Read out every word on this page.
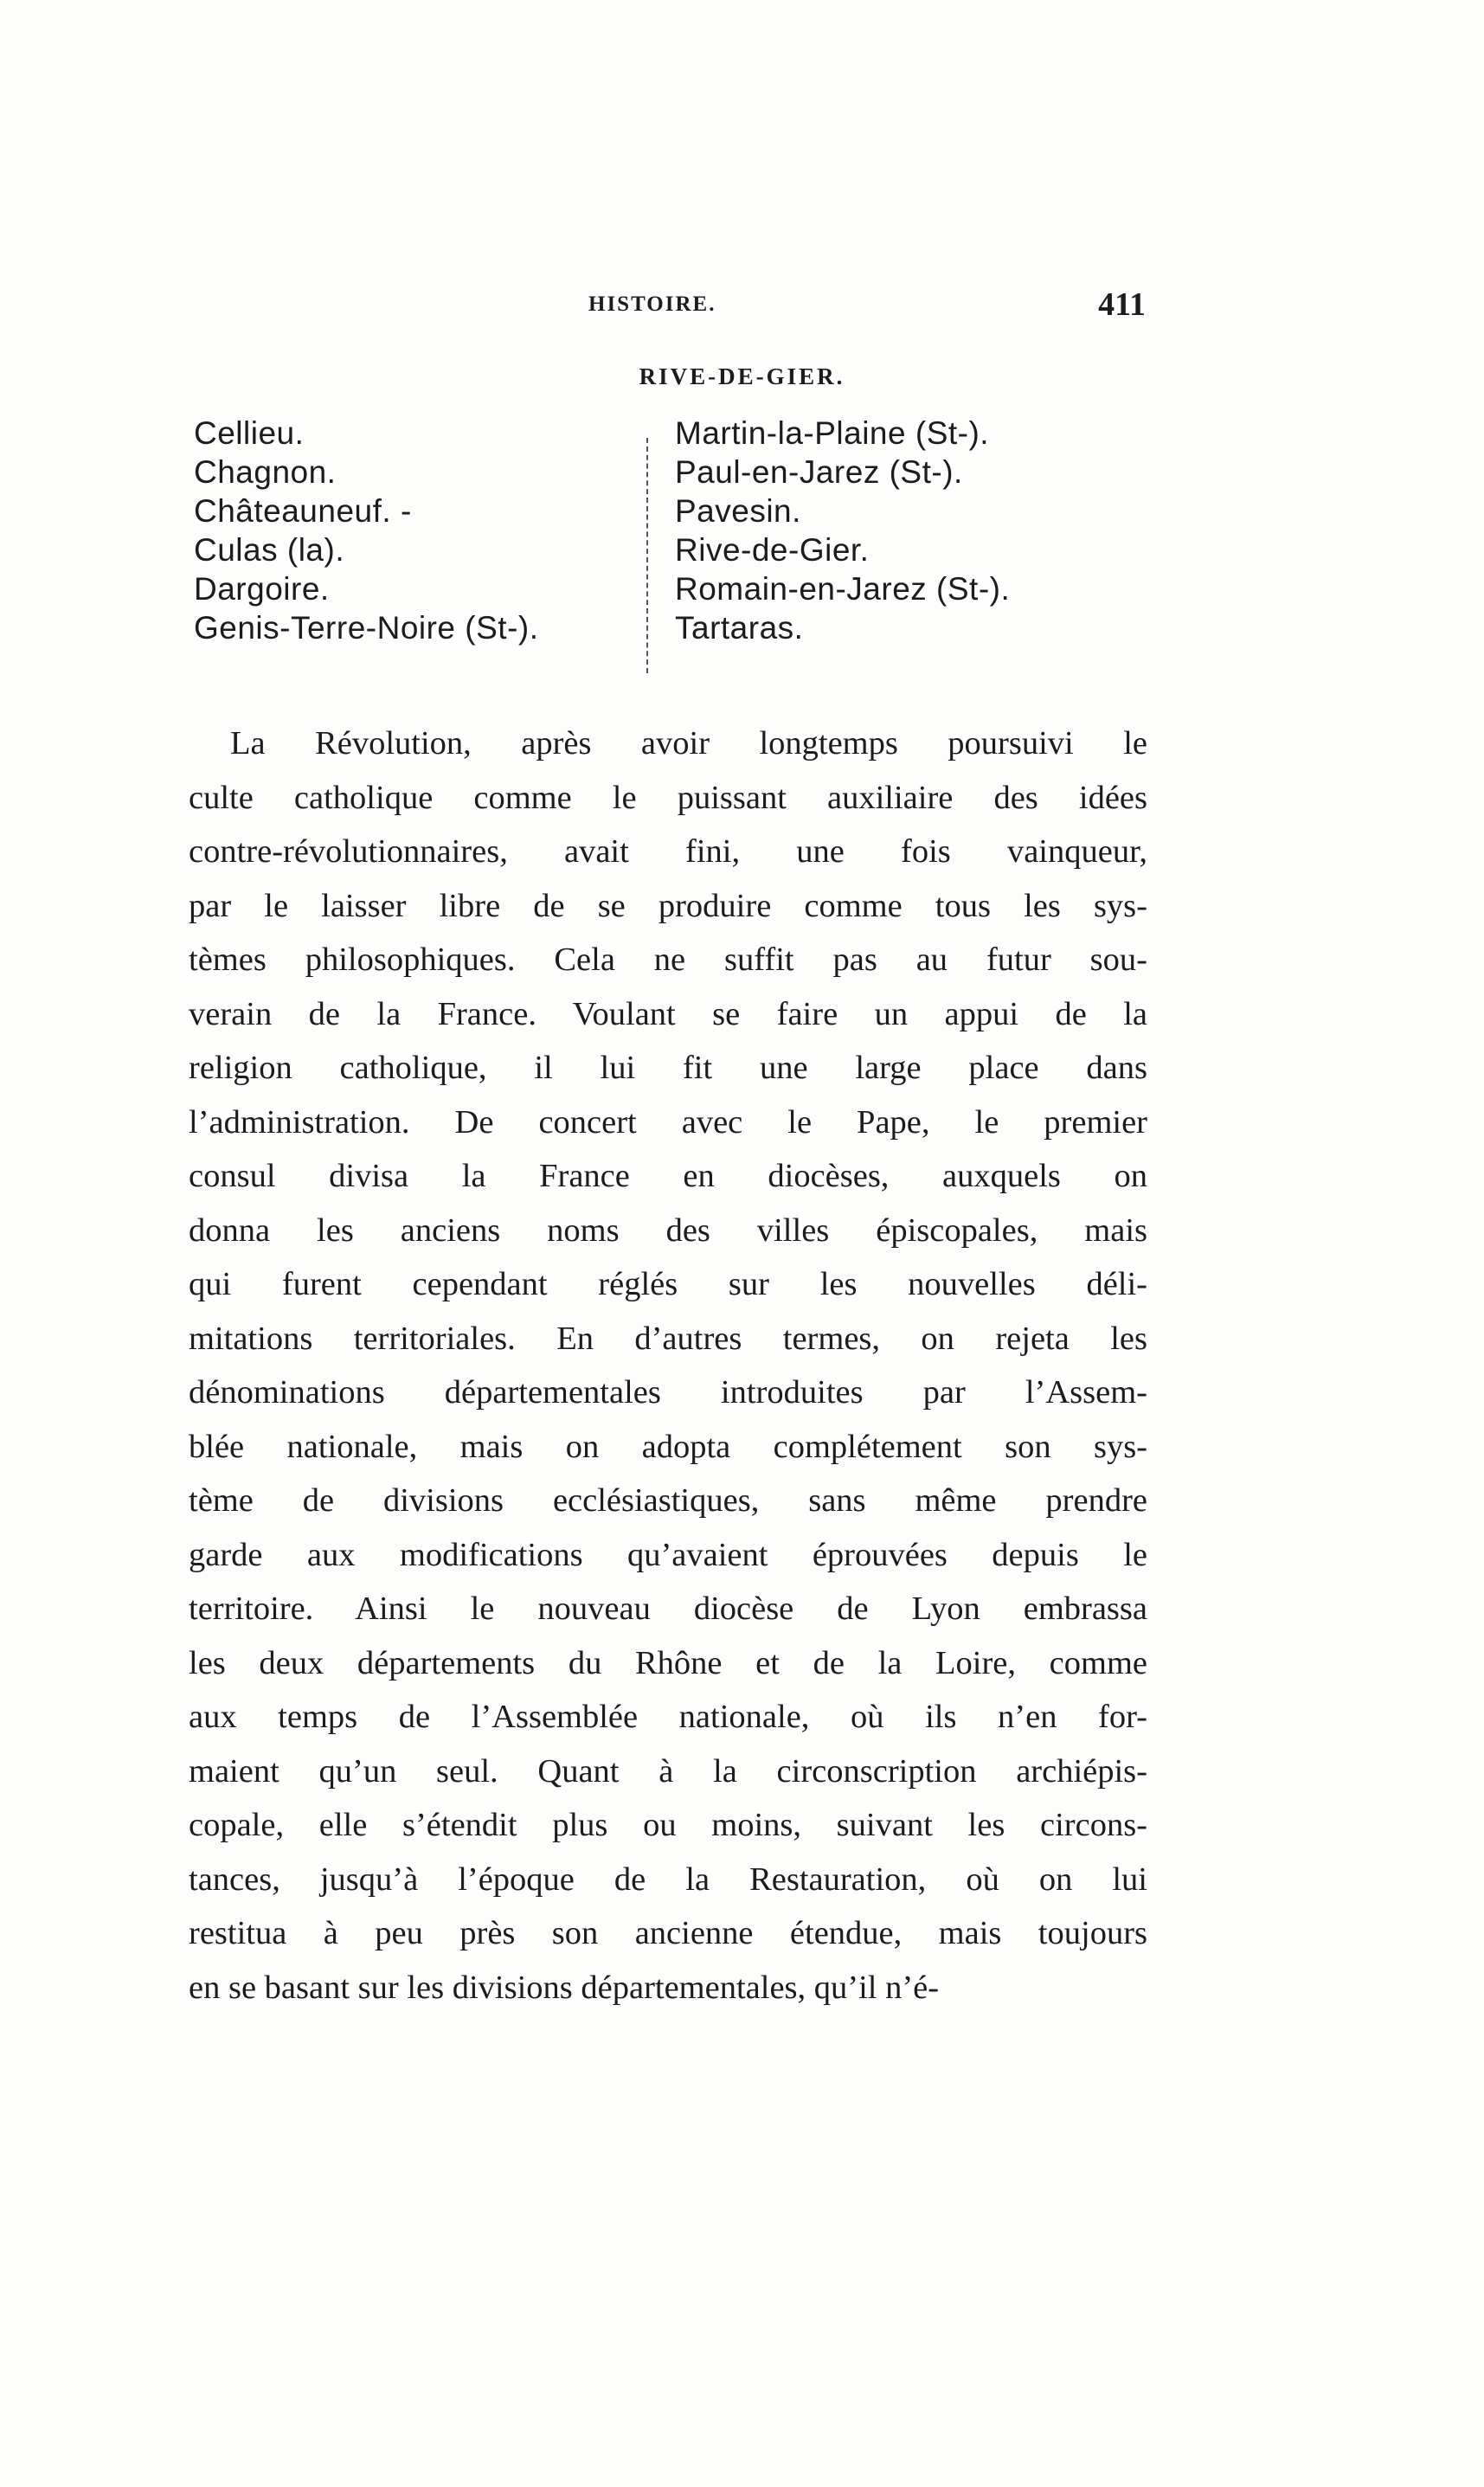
HISTOIRE.	411
RIVE-DE-GIER.
Cellieu.
Chagnon.
Châteauneuf. -
Culas (la).
Dargoire.
Genis-Terre-Noire (St-).
Martin-la-Plaine (St-).
Paul-en-Jarez (St-).
Pavesin.
Rive-de-Gier.
Romain-en-Jarez (St-).
Tartaras.
La Révolution, après avoir longtemps poursuivi le
culte catholique comme le puissant auxiliaire des idées
contre-révolutionnaires, avait fini, une fois vainqueur,
par le laisser libre de se produire comme tous les sys-
tèmes philosophiques. Cela ne suffit pas au futur sou-
verain de la France. Voulant se faire un appui de la
religion catholique, il lui fit une large place dans
l’administration. De concert avec le Pape, le premier
consul divisa la France en diocèses, auxquels on
donna les anciens noms des villes épiscopales, mais
qui furent cependant réglés sur les nouvelles déli-
mitations territoriales. En d’autres termes, on rejeta les
dénominations départementales introduites par l’Assem-
blée nationale, mais on adopta complétement son sys-
tème de divisions ecclésiastiques, sans même prendre
garde aux modifications qu’avaient éprouvées depuis le
territoire. Ainsi le nouveau diocèse de Lyon embrassa
les deux départements du Rhône et de la Loire, comme
aux temps de l’Assemblée nationale, où ils n’en for-
maient qu’un seul. Quant à la circonscription archiépis-
copale, elle s’étendit plus ou moins, suivant les circons-
tances, jusqu’à l’époque de la Restauration, où on lui
restitua à peu près son ancienne étendue, mais toujours
en se basant sur les divisions départementales, qu’il n’é-
